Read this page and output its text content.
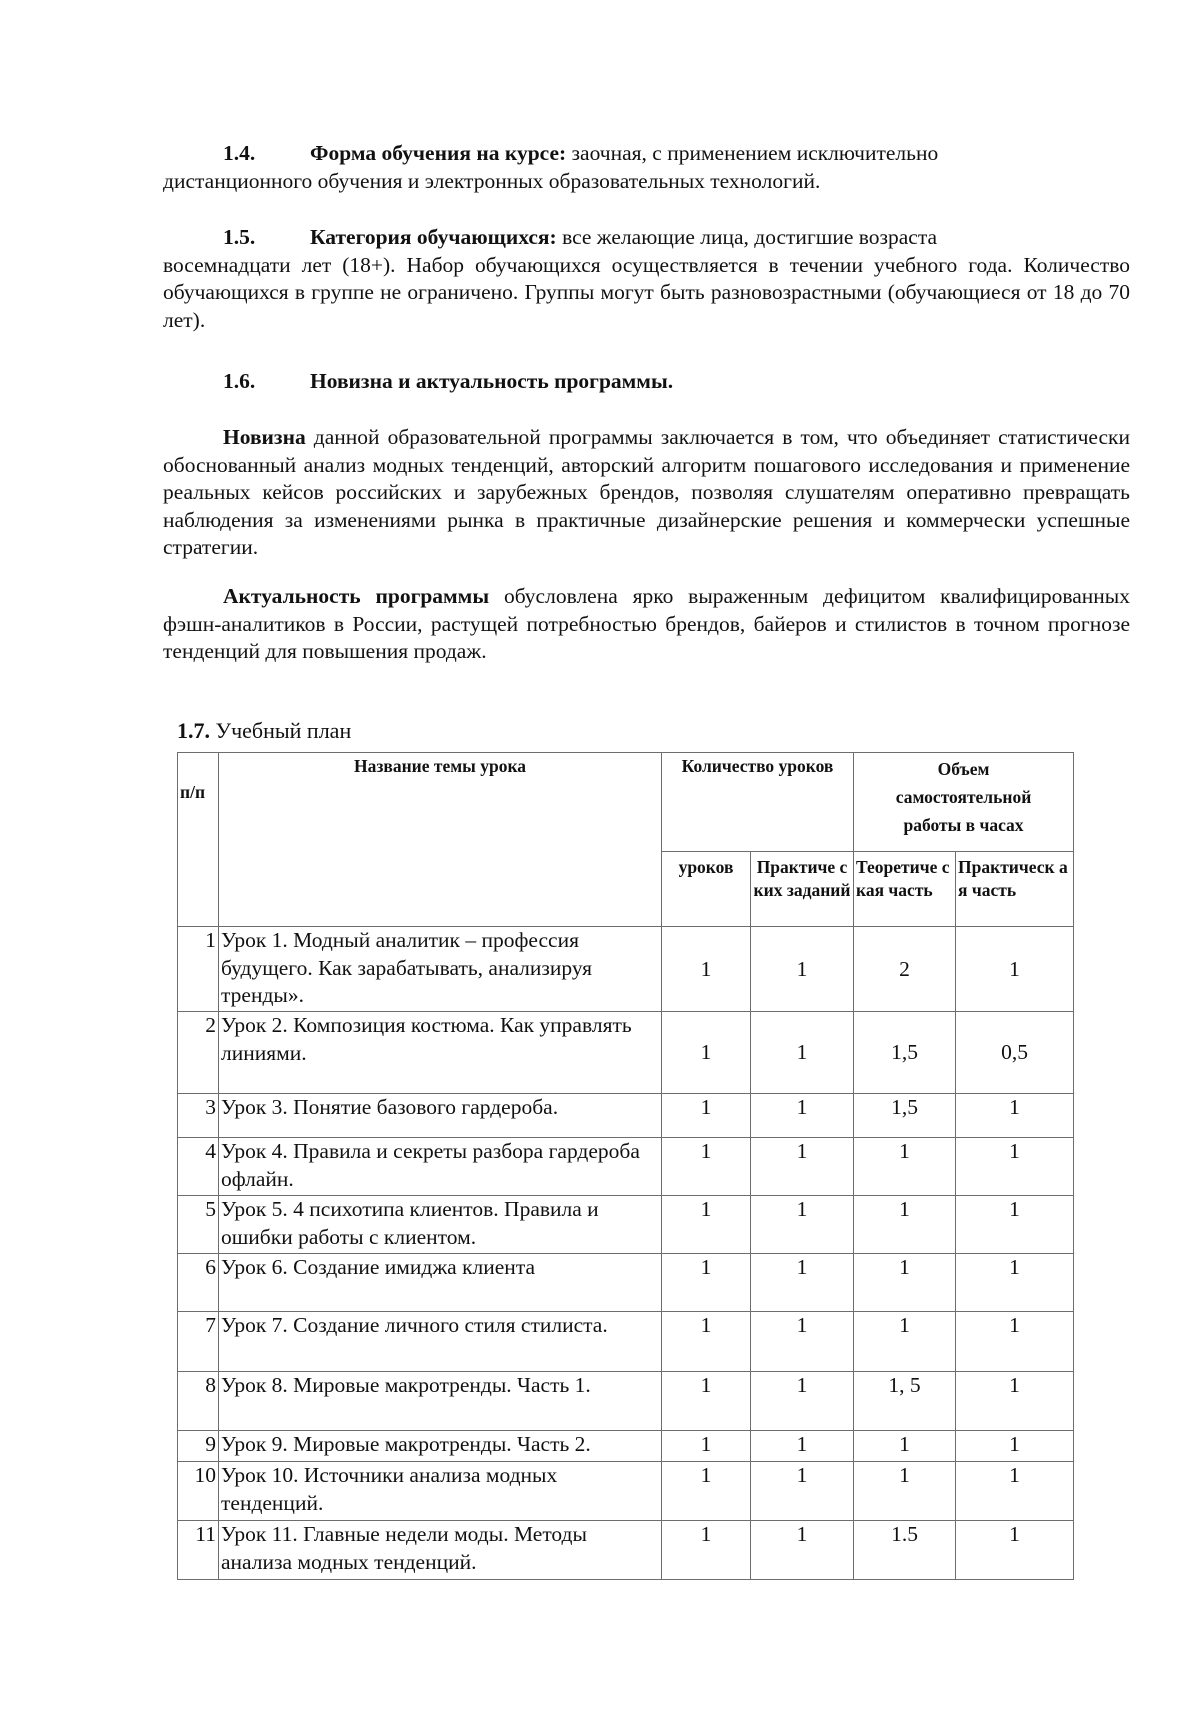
1.4.	Форма обучения на курсе: заочная, с применением исключительно
дистанционного обучения и электронных образовательных технологий.
1.5.	Категория обучающихся: все желающие лица, достигшие возраста
восемнадцати лет (18+). Набор обучающихся осуществляется в течении учебного года. Количество обучающихся в группе не ограничено. Группы могут быть разновозрастными (обучающиеся от 18 до 70 лет).
1.6.	Новизна и актуальность программы.
Новизна данной образовательной программы заключается в том, что объединяет статистически обоснованный анализ модных тенденций, авторский алгоритм пошагового исследования и применение реальных кейсов российских и зарубежных брендов, позволяя слушателям оперативно превращать наблюдения за изменениями рынка в практичные дизайнерские решения и коммерчески успешные стратегии.
Актуальность программы обусловлена ярко выраженным дефицитом квалифицированных фэшн-аналитиков в России, растущей потребностью брендов, байеров и стилистов в точном прогнозе тенденций для повышения продаж.
1.7. Учебный план
п/п	Название темы урока	Количество уроков		Объем самостоятельной работы в часах	
		уроков	Практиче ских заданий	Теоретиче ская часть	Практическ ая часть
1	Урок 1. Модный аналитик – профессия будущего. Как зарабатывать, анализируя тренды».	1	1	2	1
2	Урок 2. Композиция костюма. Как управлять линиями.	1	1	1,5	0,5
3	Урок 3. Понятие базового гардероба.	1	1	1,5	1
4	Урок 4. Правила и секреты разбора гардероба офлайн.	1	1	1	1
5	Урок 5. 4 психотипа клиентов. Правила и ошибки работы с клиентом.	1	1	1	1
6	Урок 6. Создание имиджа клиента	1	1	1	1
7	Урок 7. Создание личного стиля стилиста.	1	1	1	1
8	Урок 8. Мировые макротренды. Часть 1.	1	1	1, 5	1
9	Урок 9. Мировые макротренды. Часть 2.	1	1	1	1
10	Урок 10. Источники анализа модных тенденций.	1	1	1	1
11	Урок 11. Главные недели моды. Методы анализа модных тенденций.	1	1	1.5	1
